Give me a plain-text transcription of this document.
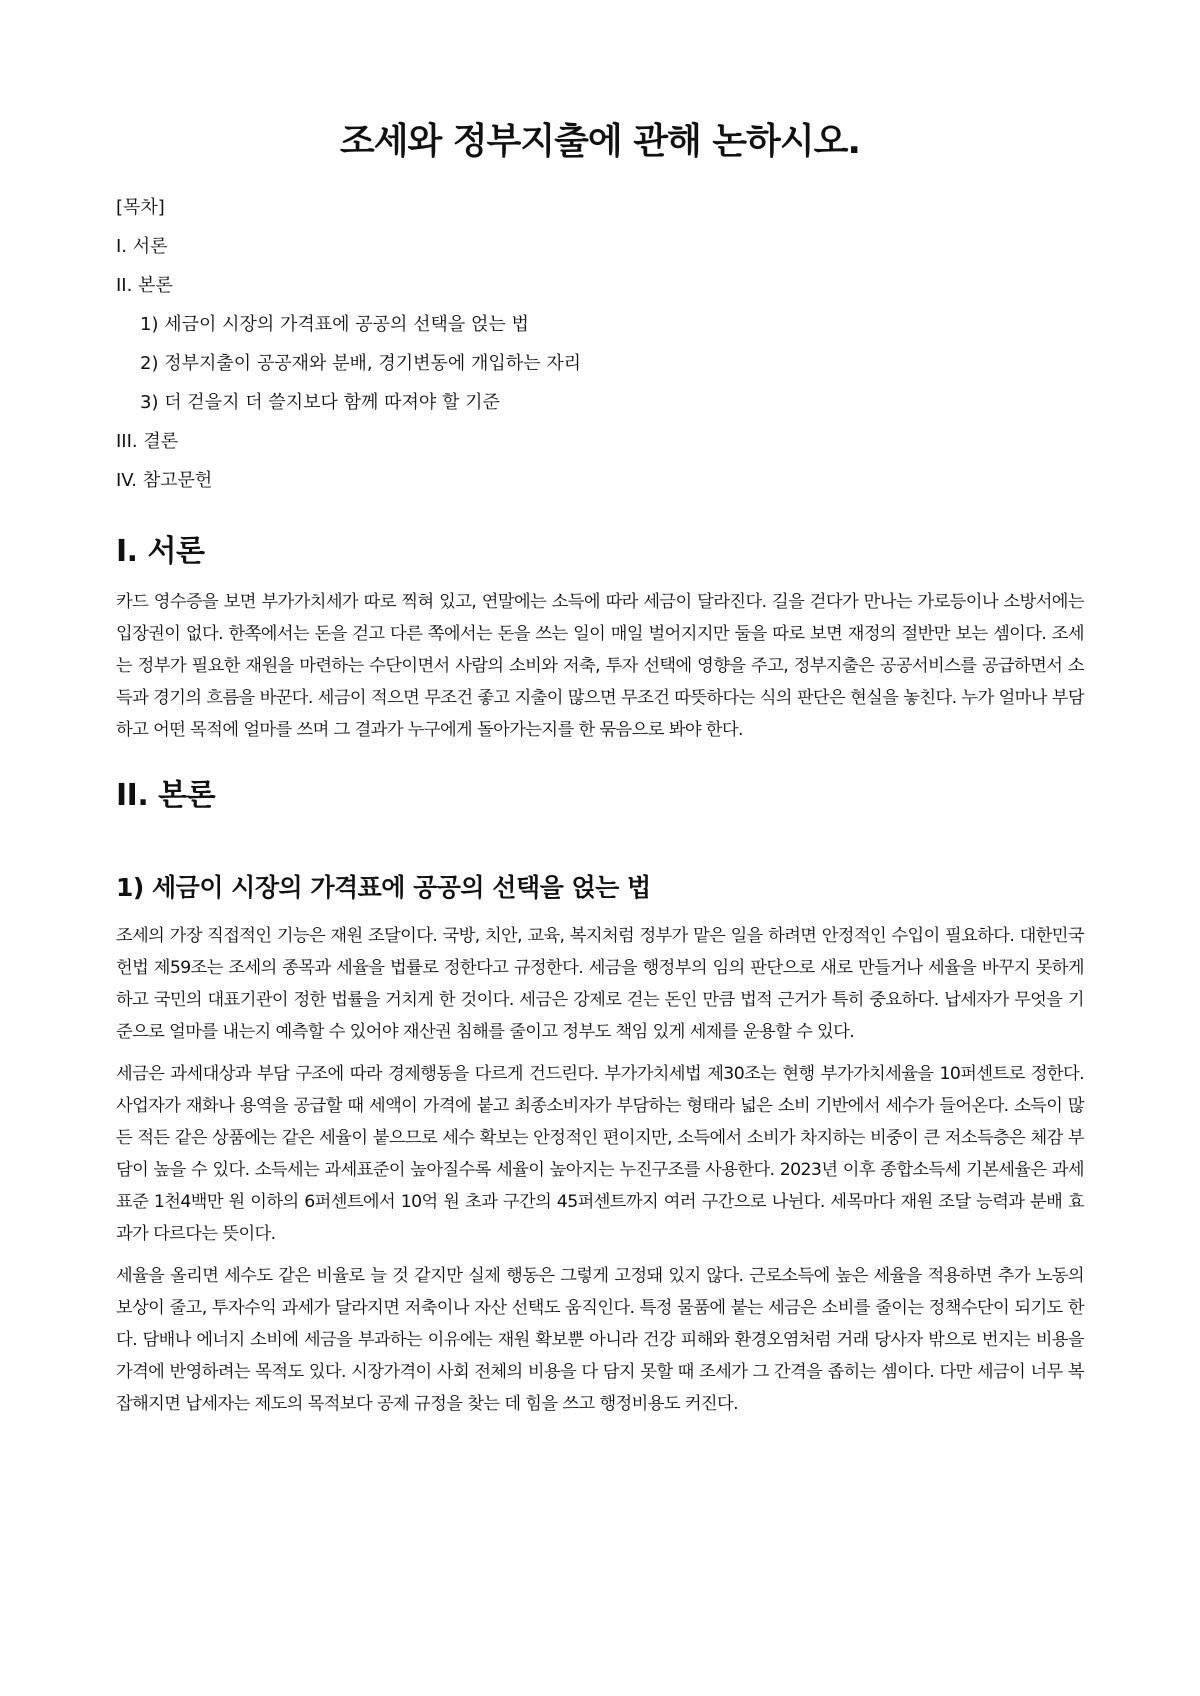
조세와 정부지출에 관해 논하시오.
[목차]
I. 서론
II. 본론
1) 세금이 시장의 가격표에 공공의 선택을 얹는 법
2) 정부지출이 공공재와 분배, 경기변동에 개입하는 자리
3) 더 걷을지 더 쓸지보다 함께 따져야 할 기준
III. 결론
IV. 참고문헌
I. 서론

카드 영수증을 보면 부가가치세가 따로 찍혀 있고, 연말에는 소득에 따라 세금이 달라진다. 길을 걷다가 만나는 가로등이나 소방서에는 입장권이 없다. 한쪽에서는 돈을 걷고 다른 쪽에서는 돈을 쓰는 일이 매일 벌어지지만 둘을 따로 보면 재정의 절반만 보는 셈이다. 조세는 정부가 필요한 재원을 마련하는 수단이면서 사람의 소비와 저축, 투자 선택에 영향을 주고, 정부지출은 공공서비스를 공급하면서 소득과 경기의 흐름을 바꾼다. 세금이 적으면 무조건 좋고 지출이 많으면 무조건 따뜻하다는 식의 판단은 현실을 놓친다. 누가 얼마나 부담하고 어떤 목적에 얼마를 쓰며 그 결과가 누구에게 돌아가는지를 한 묶음으로 봐야 한다.

II. 본론
1) 세금이 시장의 가격표에 공공의 선택을 얹는 법

조세의 가장 직접적인 기능은 재원 조달이다. 국방, 치안, 교육, 복지처럼 정부가 맡은 일을 하려면 안정적인 수입이 필요하다. 대한민국 헌법 제59조는 조세의 종목과 세율을 법률로 정한다고 규정한다. 세금을 행정부의 임의 판단으로 새로 만들거나 세율을 바꾸지 못하게 하고 국민의 대표기관이 정한 법률을 거치게 한 것이다. 세금은 강제로 걷는 돈인 만큼 법적 근거가 특히 중요하다. 납세자가 무엇을 기준으로 얼마를 내는지 예측할 수 있어야 재산권 침해를 줄이고 정부도 책임 있게 세제를 운용할 수 있다.

세금은 과세대상과 부담 구조에 따라 경제행동을 다르게 건드린다. 부가가치세법 제30조는 현행 부가가치세율을 10퍼센트로 정한다. 사업자가 재화나 용역을 공급할 때 세액이 가격에 붙고 최종소비자가 부담하는 형태라 넓은 소비 기반에서 세수가 들어온다. 소득이 많든 적든 같은 상품에는 같은 세율이 붙으므로 세수 확보는 안정적인 편이지만, 소득에서 소비가 차지하는 비중이 큰 저소득층은 체감 부담이 높을 수 있다. 소득세는 과세표준이 높아질수록 세율이 높아지는 누진구조를 사용한다. 2023년 이후 종합소득세 기본세율은 과세표준 1천4백만 원 이하의 6퍼센트에서 10억 원 초과 구간의 45퍼센트까지 여러 구간으로 나뉜다. 세목마다 재원 조달 능력과 분배 효과가 다르다는 뜻이다.

세율을 올리면 세수도 같은 비율로 늘 것 같지만 실제 행동은 그렇게 고정돼 있지 않다. 근로소득에 높은 세율을 적용하면 추가 노동의 보상이 줄고, 투자수익 과세가 달라지면 저축이나 자산 선택도 움직인다. 특정 물품에 붙는 세금은 소비를 줄이는 정책수단이 되기도 한다. 담배나 에너지 소비에 세금을 부과하는 이유에는 재원 확보뿐 아니라 건강 피해와 환경오염처럼 거래 당사자 밖으로 번지는 비용을 가격에 반영하려는 목적도 있다. 시장가격이 사회 전체의 비용을 다 담지 못할 때 조세가 그 간격을 좁히는 셈이다. 다만 세금이 너무 복잡해지면 납세자는 제도의 목적보다 공제 규정을 찾는 데 힘을 쓰고 행정비용도 커진다.
